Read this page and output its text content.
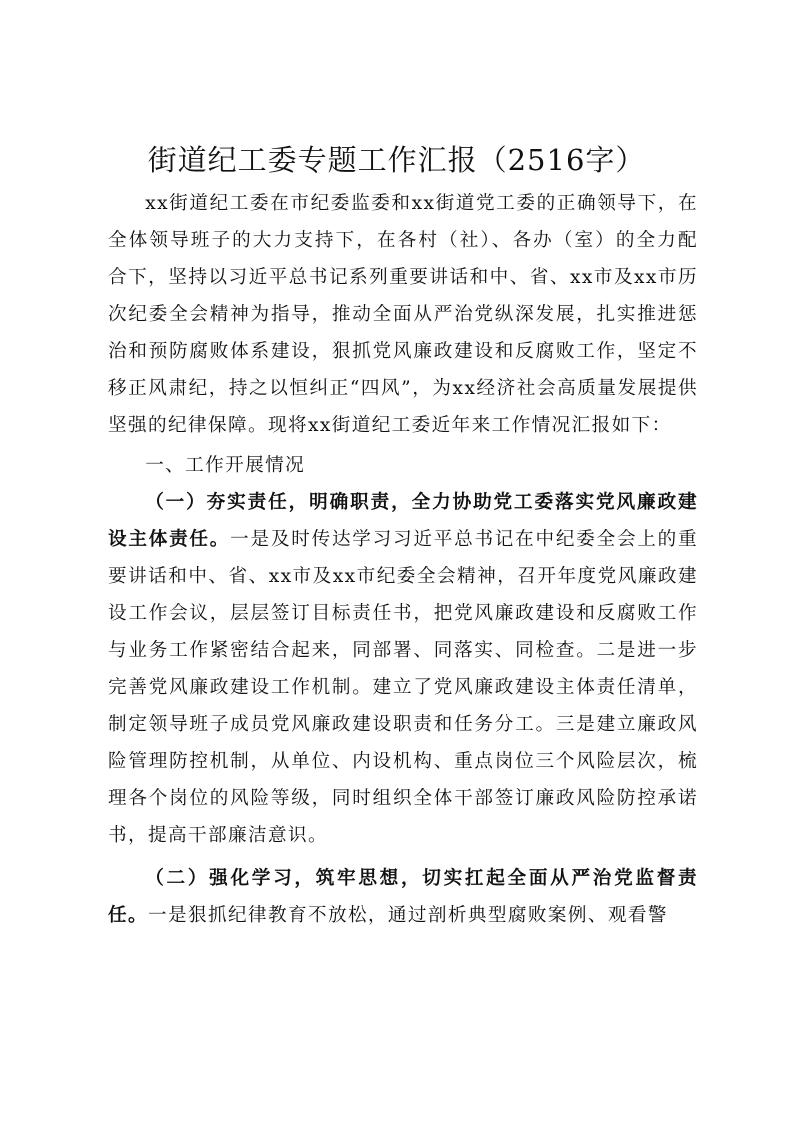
街道纪工委专题工作汇报（2516字）

xx街道纪工委在市纪委监委和xx街道党工委的正确领导下，在全体领导班子的大力支持下，在各村（社）、各办（室）的全力配合下，坚持以习近平总书记系列重要讲话和中、省、xx市及xx市历次纪委全会精神为指导，推动全面从严治党纵深发展，扎实推进惩治和预防腐败体系建设，狠抓党风廉政建设和反腐败工作，坚定不移正风肃纪，持之以恒纠正“四风”，为xx经济社会高质量发展提供坚强的纪律保障。现将xx街道纪工委近年来工作情况汇报如下：

一、工作开展情况

（一）夯实责任，明确职责，全力协助党工委落实党风廉政建设主体责任。一是及时传达学习习近平总书记在中纪委全会上的重要讲话和中、省、xx市及xx市纪委全会精神，召开年度党风廉政建设工作会议，层层签订目标责任书，把党风廉政建设和反腐败工作与业务工作紧密结合起来，同部署、同落实、同检查。二是进一步完善党风廉政建设工作机制。建立了党风廉政建设主体责任清单，制定领导班子成员党风廉政建设职责和任务分工。三是建立廉政风险管理防控机制，从单位、内设机构、重点岗位三个风险层次，梳理各个岗位的风险等级，同时组织全体干部签订廉政风险防控承诺书，提高干部廉洁意识。

（二）强化学习，筑牢思想，切实扛起全面从严治党监督责任。一是狠抓纪律教育不放松，通过剖析典型腐败案例、观看警
